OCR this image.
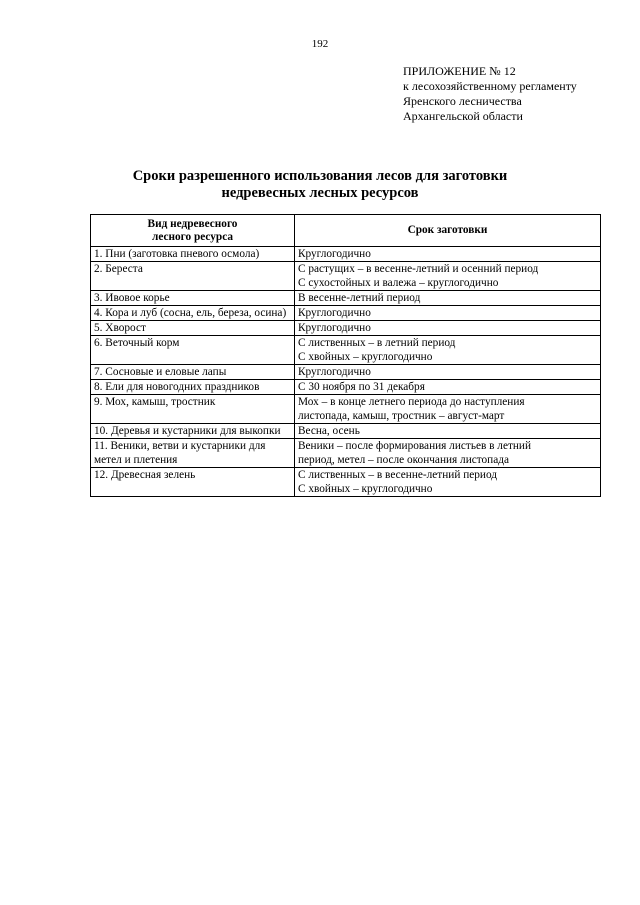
192
ПРИЛОЖЕНИЕ № 12
к лесохозяйственному регламенту
Яренского лесничества
Архангельской области
Сроки разрешенного использования лесов для заготовки
недревесных лесных ресурсов
Вид недревесного
лесного ресурса	Срок заготовки
1. Пни (заготовка пневого осмола)	Круглогодично

2. Береста	С растущих – в весенне-летний и осенний период
С сухостойных и валежа – круглогодично

3. Ивовое корье	В весенне-летний период

4. Кора и луб (сосна, ель, береза, осина)	Круглогодично

5. Хворост	Круглогодично

6. Веточный корм	С лиственных – в летний период
С хвойных – круглогодично

7. Сосновые и еловые лапы	Круглогодично

8. Ели для новогодних праздников	С 30 ноября по 31 декабря

9. Мох, камыш, тростник	Мох – в конце летнего периода до наступления
листопада, камыш, тростник – август-март

10. Деревья и кустарники для выкопки	Весна, осень

11. Веники, ветви и кустарники для метел и плетения	Веники – после формирования листьев в летний
период, метел – после окончания листопада

12. Древесная зелень	С лиственных – в весенне-летний период
С хвойных – круглогодично
